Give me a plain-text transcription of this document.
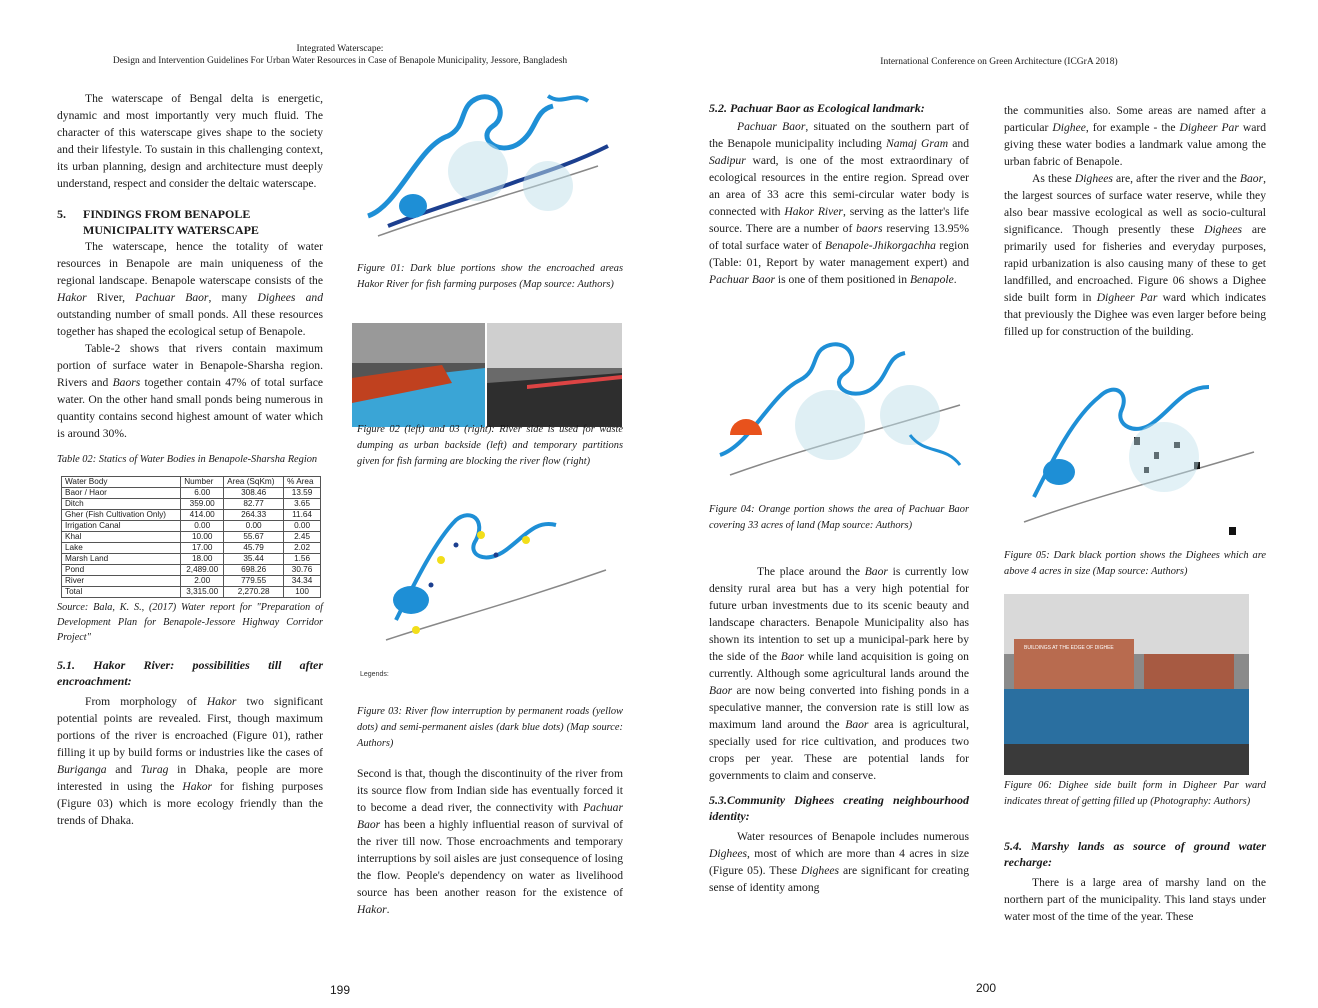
Integrated Waterscape:
Design and Intervention Guidelines For Urban Water Resources in Case of Benapole Municipality, Jessore, Bangladesh

The waterscape of Bengal delta is energetic, dynamic and most importantly very much fluid. The character of this waterscape gives shape to the society and their lifestyle. To sustain in this challenging context, its urban planning, design and architecture must deeply understand, respect and consider the deltaic waterscape.

5. FINDINGS FROM BENAPOLE
MUNICIPALITY WATERSCAPE

The waterscape, hence the totality of water resources in Benapole are main uniqueness of the regional landscape. Benapole waterscape consists of the Hakor River, Pachuar Baor, many Dighees and outstanding number of small ponds. All these resources together has shaped the ecological setup of Benapole.

Table-2 shows that rivers contain maximum portion of surface water in Benapole-Sharsha region. Rivers and Baors together contain 47% of total surface water. On the other hand small ponds being numerous in quantity contains second highest amount of water which is around 30%.

Table 02: Statics of Water Bodies in Benapole-Sharsha Region
Water Body	Number	Area (SqKm)	% Area
Baor / Haor	6.00	308.46	13.59
Ditch	359.00	82.77	3.65
Gher (Fish Cultivation Only)	414.00	264.33	11.64
Irrigation Canal	0.00	0.00	0.00
Khal	10.00	55.67	2.45
Lake	17.00	45.79	2.02
Marsh Land	18.00	35.44	1.56
Pond	2,489.00	698.26	30.76
River	2.00	779.55	34.34
Total	3,315.00	2,270.28	100
Source: Bala, K. S., (2017) Water report for "Preparation of Development Plan for Benapole-Jessore Highway Corridor Project"
5.1. Hakor River: possibilities till after encroachment:

From morphology of Hakor two significant potential points are revealed. First, though maximum portions of the river is encroached (Figure 01), rather filling it up by build forms or industries like the cases of Buriganga and Turag in Dhaka, people are more interested in using the Hakor for fishing purposes (Figure 03) which is more ecology friendly than the trends of Dhaka.

Figure 01: Dark blue portions show the encroached areas Hakor River for fish farming purposes (Map source: Authors)
Figure 02 (left) and 03 (right): River side is used for waste dumping as urban backside (left) and temporary partitions given for fish farming are blocking the river flow (right)
Legends:
Figure 03: River flow interruption by permanent roads (yellow dots) and semi-permanent aisles (dark blue dots) (Map source: Authors)

Second is that, though the discontinuity of the river from its source flow from Indian side has eventually forced it to become a dead river, the connectivity with Pachuar Baor has been a highly influential reason of survival of the river till now. Those encroachments and temporary interruptions by soil aisles are just consequence of losing the flow. People's dependency on water as livelihood source has been another reason for the existence of Hakor.

199
International Conference on Green Architecture (ICGrA 2018)
5.2. Pachuar Baor as Ecological landmark:

Pachuar Baor, situated on the southern part of the Benapole municipality including Namaj Gram and Sadipur ward, is one of the most extraordinary of ecological resources in the entire region. Spread over an area of 33 acre this semi-circular water body is connected with Hakor River, serving as the latter's life source. There are a number of baors reserving 13.95% of total surface water of Benapole-Jhikorgachha region (Table: 01, Report by water management expert) and Pachuar Baor is one of them positioned in Benapole.

Figure 04: Orange portion shows the area of Pachuar Baor covering 33 acres of land (Map source: Authors)

The place around the Baor is currently low density rural area but has a very high potential for future urban investments due to its scenic beauty and landscape characters. Benapole Municipality also has shown its intention to set up a municipal-park here by the side of the Baor while land acquisition is going on currently. Although some agricultural lands around the Baor are now being converted into fishing ponds in a speculative manner, the conversion rate is still low as maximum land around the Baor area is agricultural, specially used for rice cultivation, and produces two crops per year. These are potential lands for governments to claim and conserve.

5.3.Community Dighees creating neighbourhood identity:

Water resources of Benapole includes numerous Dighees, most of which are more than 4 acres in size (Figure 05). These Dighees are significant for creating sense of identity among

the communities also. Some areas are named after a particular Dighee, for example - the Digheer Par ward giving these water bodies a landmark value among the urban fabric of Benapole.

As these Dighees are, after the river and the Baor, the largest sources of surface water reserve, while they also bear massive ecological as well as socio-cultural significance. Though presently these Dighees are primarily used for fisheries and everyday purposes, rapid urbanization is also causing many of these to get landfilled, and encroached. Figure 06 shows a Dighee side built form in Digheer Par ward which indicates that previously the Dighee was even larger before being filled up for construction of the building.

Figure 05: Dark black portion shows the Dighees which are above 4 acres in size (Map source: Authors)
BUILDINGS AT THE EDGE OF DIGHEE
Figure 06: Dighee side built form in Digheer Par ward indicates threat of getting filled up (Photography: Authors)
5.4. Marshy lands as source of ground water recharge:

There is a large area of marshy land on the northern part of the municipality. This land stays under water most of the time of the year. These

200
